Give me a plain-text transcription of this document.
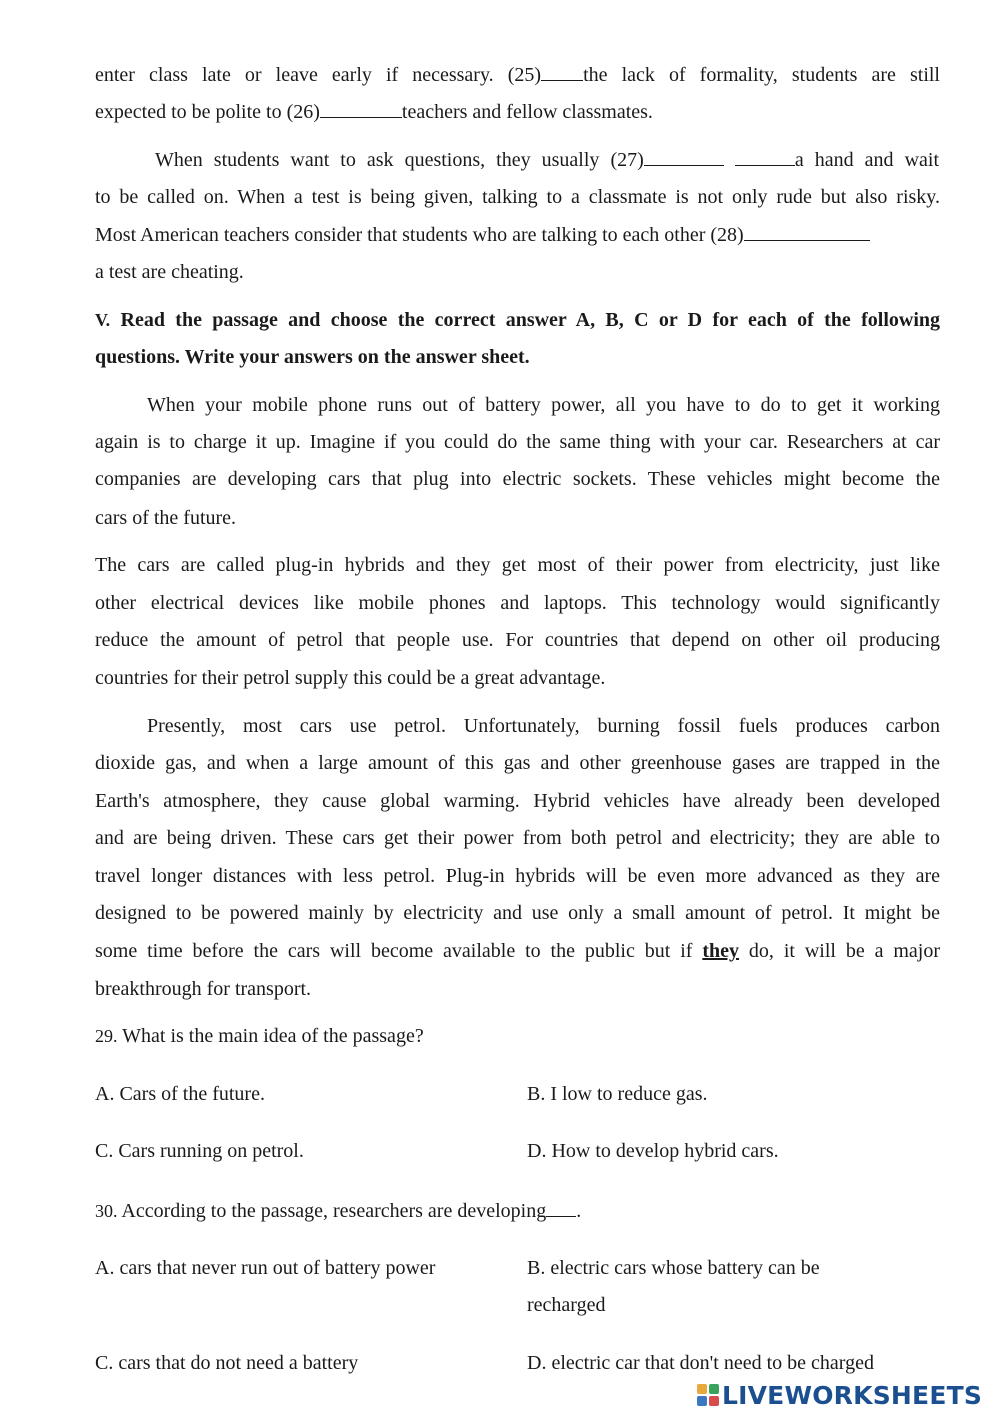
enter class late or leave early if necessary. (25) the lack of formality, students are still
expected to be polite to (26)	teachers and fellow classmates.
When students want to ask questions, they usually (27)	a hand and wait
to be called on. When a test is being given, talking to a classmate is not only rude but also risky.
Most American teachers consider that students who are talking to each other (28)
a test are cheating.
V. Read the passage and choose the correct answer A, B, C or D for each of the following
questions. Write your answers on the answer sheet.
When your mobile phone runs out of battery power, all you have to do to get it working
again is to charge it up. Imagine if you could do the same thing with your car. Researchers at car
companies are developing cars that plug into electric sockets. These vehicles might become the
cars of the future.
The cars are called plug-in hybrids and they get most of their power from electricity, just like
other electrical devices like mobile phones and laptops. This technology would significantly
reduce the amount of petrol that people use. For countries that depend on other oil producing
countries for their petrol supply this could be a great advantage.
Presently, most cars use petrol. Unfortunately, burning fossil fuels produces carbon
dioxide gas, and when a large amount of this gas and other greenhouse gases are trapped in the
Earth's atmosphere, they cause global warming. Hybrid vehicles have already been developed
and are being driven. These cars get their power from both petrol and electricity; they are able to
travel longer distances with less petrol. Plug-in hybrids will be even more advanced as they are
designed to be powered mainly by electricity and use only a small amount of petrol. It might be
some time before the cars will become available to the public but if they do, it will be a major
breakthrough for transport.
29. What is the main idea of the passage?
A. Cars of the future.	B. I low to reduce gas.
C. Cars running on petrol.	D. How to develop hybrid cars.
30. According to the passage, researchers are developing .
A. cars that never run out of battery power	B. electric cars whose battery can be
recharged
C. cars that do not need a battery	D. electric car that don't need to be charged
LIVEWORKSHEETS
